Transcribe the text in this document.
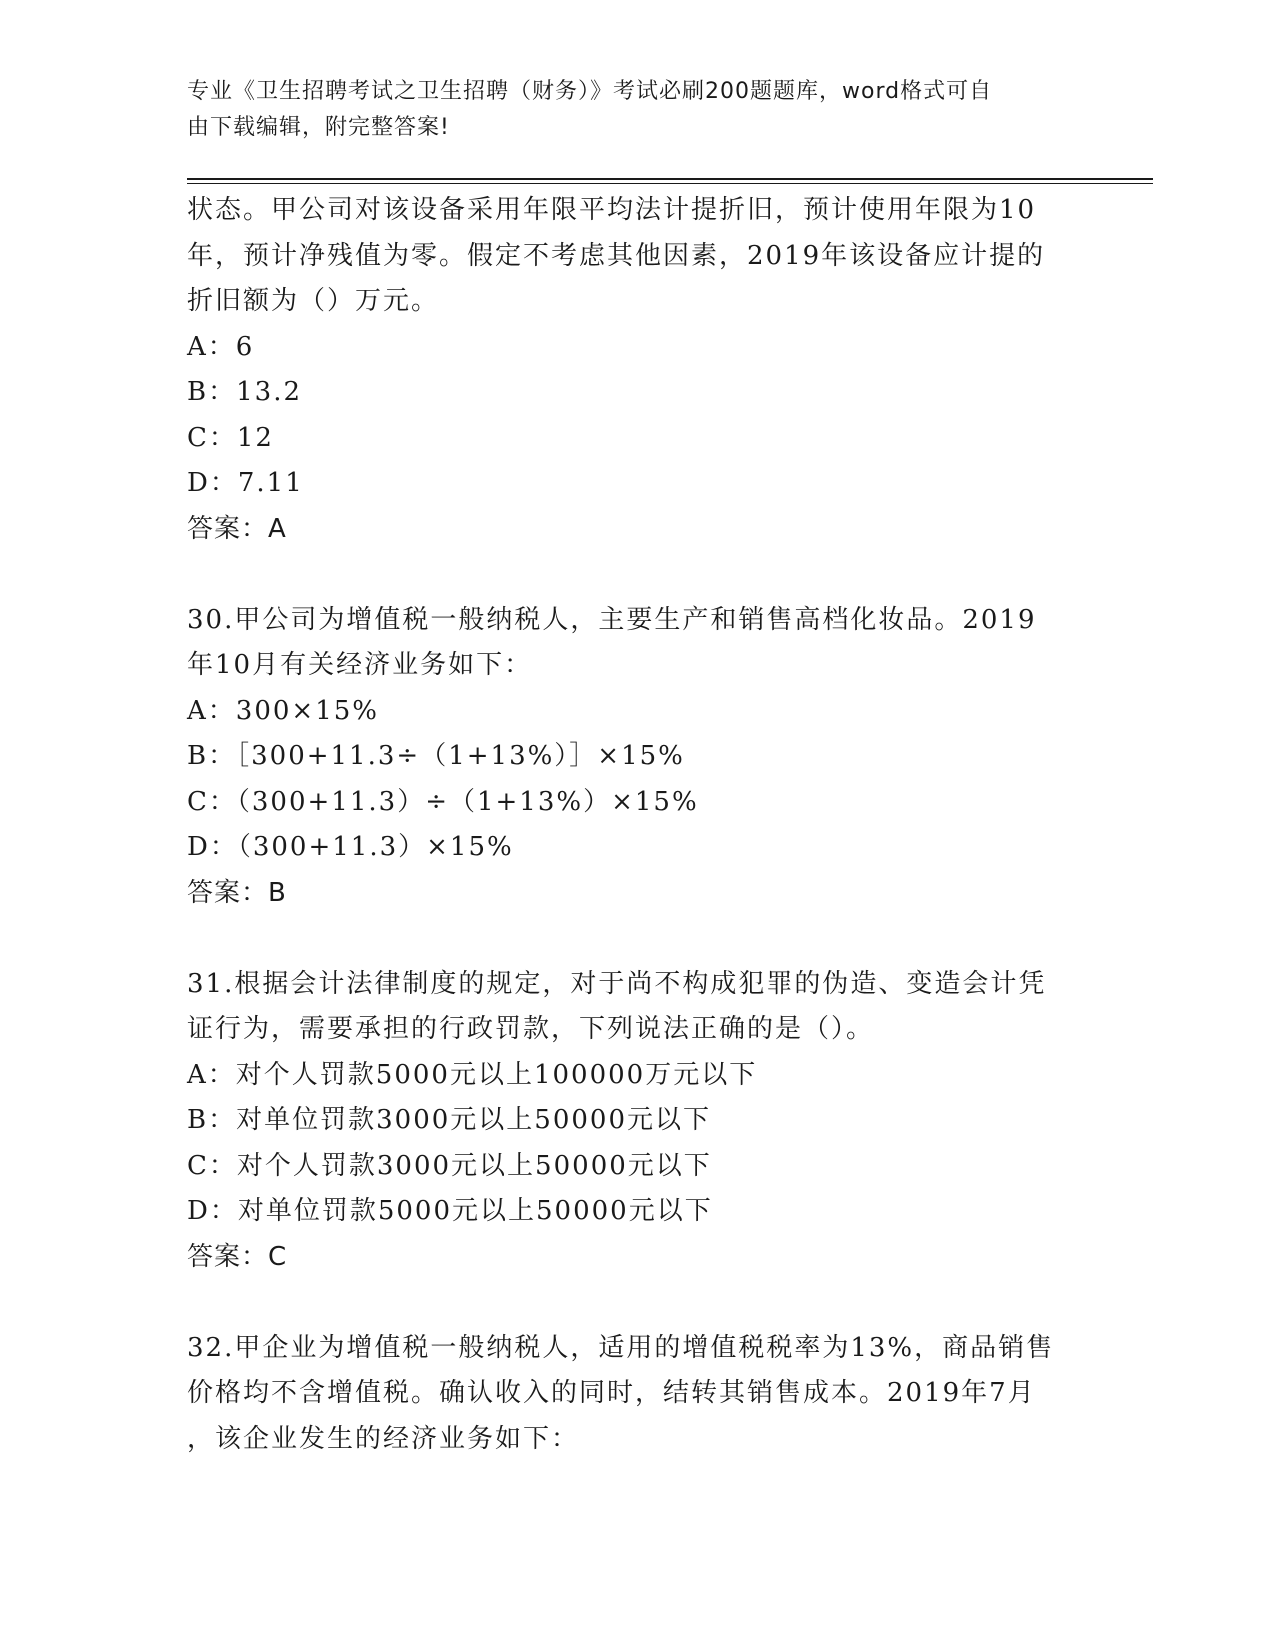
专业《卫生招聘考试之卫生招聘（财务）》考试必刷200题题库，word格式可自
由下载编辑，附完整答案!
状态。甲公司对该设备采用年限平均法计提折旧，预计使用年限为10
年，预计净残值为零。假定不考虑其他因素，2019年该设备应计提的
折旧额为（）万元。
A：6
B：13.2
C：12
D：7.11
答案：A
30.甲公司为增值税一般纳税人，主要生产和销售高档化妆品。2019
年10月有关经济业务如下：
A：300×15%
B：［300+11.3÷（1+13%）］×15%
C：（300+11.3）÷（1+13%）×15%
D：（300+11.3）×15%
答案：B
31.根据会计法律制度的规定，对于尚不构成犯罪的伪造、变造会计凭
证行为，需要承担的行政罚款，下列说法正确的是（）。
A：对个人罚款5000元以上100000万元以下
B：对单位罚款3000元以上50000元以下
C：对个人罚款3000元以上50000元以下
D：对单位罚款5000元以上50000元以下
答案：C
32.甲企业为增值税一般纳税人，适用的增值税税率为13%，商品销售
价格均不含增值税。确认收入的同时，结转其销售成本。2019年7月
，该企业发生的经济业务如下：
